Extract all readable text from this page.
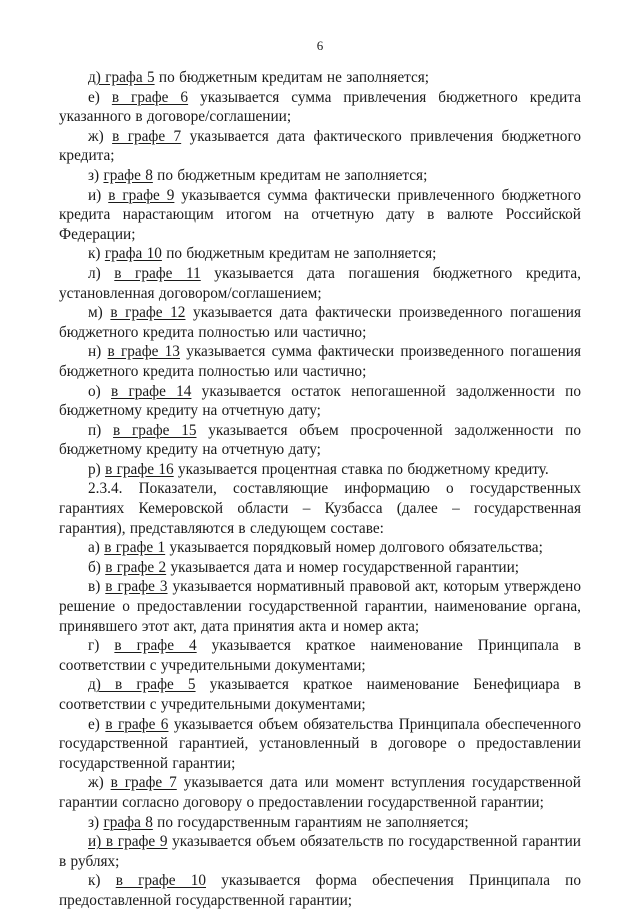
6

д) графа 5 по бюджетным кредитам не заполняется;

е) в графе 6 указывается сумма привлечения бюджетного кредита указанного в договоре/соглашении;

ж) в графе 7 указывается дата фактического привлечения бюджетного кредита;

з) графе 8 по бюджетным кредитам не заполняется;

и) в графе 9 указывается сумма фактически привлеченного бюджетного кредита нарастающим итогом на отчетную дату в валюте Российской Федерации;

к) графа 10 по бюджетным кредитам не заполняется;

л) в графе 11 указывается дата погашения бюджетного кредита, установленная договором/соглашением;

м) в графе 12 указывается дата фактически произведенного погашения бюджетного кредита полностью или частично;

н) в графе 13 указывается сумма фактически произведенного погашения бюджетного кредита полностью или частично;

о) в графе 14 указывается остаток непогашенной задолженности по бюджетному кредиту на отчетную дату;

п) в графе 15 указывается объем просроченной задолженности по бюджетному кредиту на отчетную дату;

р) в графе 16 указывается процентная ставка по бюджетному кредиту.

2.3.4. Показатели, составляющие информацию о государственных гарантиях Кемеровской области – Кузбасса (далее – государственная гарантия), представляются в следующем составе:

а) в графе 1 указывается порядковый номер долгового обязательства;

б) в графе 2 указывается дата и номер государственной гарантии;

в) в графе 3 указывается нормативный правовой акт, которым утверждено решение о предоставлении государственной гарантии, наименование органа, принявшего этот акт, дата принятия акта и номер акта;

г) в графе 4 указывается краткое наименование Принципала в соответствии с учредительными документами;

д) в графе 5 указывается краткое наименование Бенефициара в соответствии с учредительными документами;

е) в графе 6 указывается объем обязательства Принципала обеспеченного государственной гарантией, установленный в договоре о предоставлении государственной гарантии;

ж) в графе 7 указывается дата или момент вступления государственной гарантии согласно договору о предоставлении государственной гарантии;

з) графа 8 по государственным гарантиям не заполняется;

и) в графе 9 указывается объем обязательств по государственной гарантии в рублях;

к) в графе 10 указывается форма обеспечения Принципала по предоставленной государственной гарантии;
